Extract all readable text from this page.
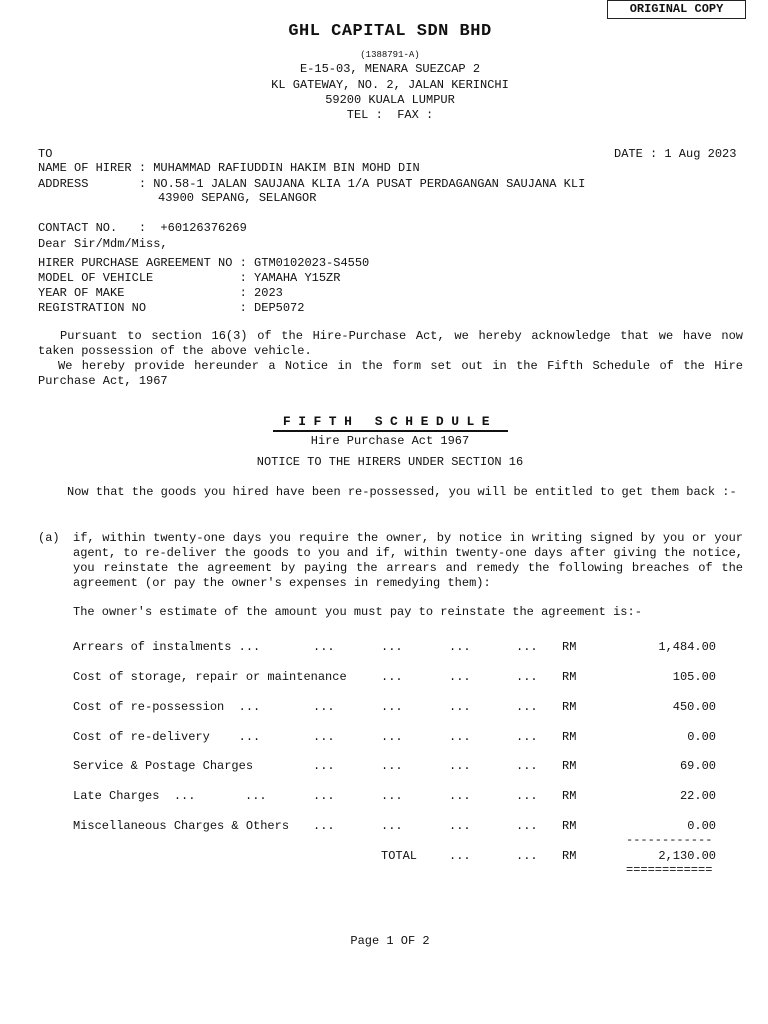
ORIGINAL COPY
GHL CAPITAL SDN BHD
(1388791-A)
E-15-03, MENARA SUEZCAP 2
KL GATEWAY, NO. 2, JALAN KERINCHI
59200 KUALA LUMPUR
TEL :  FAX :
TO	DATE : 1 Aug 2023
NAME OF HIRER : MUHAMMAD RAFIUDDIN HAKIM BIN MOHD DIN
ADDRESS       : NO.58-1 JALAN SAUJANA KLIA 1/A PUSAT PERDAGANGAN SAUJANA KLI
43900 SEPANG, SELANGOR
CONTACT NO.   :  +60126376269
Dear Sir/Mdm/Miss,
HIRER PURCHASE AGREEMENT NO : GTM0102023-S4550
MODEL OF VEHICLE            : YAMAHA Y15ZR
YEAR OF MAKE                : 2023
REGISTRATION NO             : DEP5072
Pursuant to section 16(3) of the Hire-Purchase Act, we hereby acknowledge that we have now taken possession of the above vehicle.
We hereby provide hereunder a Notice in the form set out in the Fifth Schedule of the Hire Purchase Act, 1967
FIFTH SCHEDULE
Hire Purchase Act 1967
NOTICE TO THE HIRERS UNDER SECTION 16
Now that the goods you hired have been re-possessed, you will be entitled to get them back :-
(a) if, within twenty-one days you require the owner, by notice in writing signed by you or your agent, to re-deliver the goods to you and if, within twenty-one days after giving the notice, you reinstate the agreement by paying the arrears and remedy the following breaches of the agreement (or pay the owner's expenses in remedying them):
The owner's estimate of the amount you must pay to reinstate the agreement is:-
Arrears of instalments ...	...	...	...	... RM	1,484.00
Cost of storage, repair or maintenance	...	...	... RM	105.00
Cost of re-possession  ...	...	...	...	... RM	450.00
Cost of re-delivery    ...	...	...	...	... RM	0.00
Service & Postage Charges	...	...	...	... RM	69.00
Late Charges  ...	...	...	...	...	... RM	22.00
Miscellaneous Charges & Others ...	...	...	... RM	0.00
------------
TOTAL	...	... RM	2,130.00
============
Page 1 OF 2
